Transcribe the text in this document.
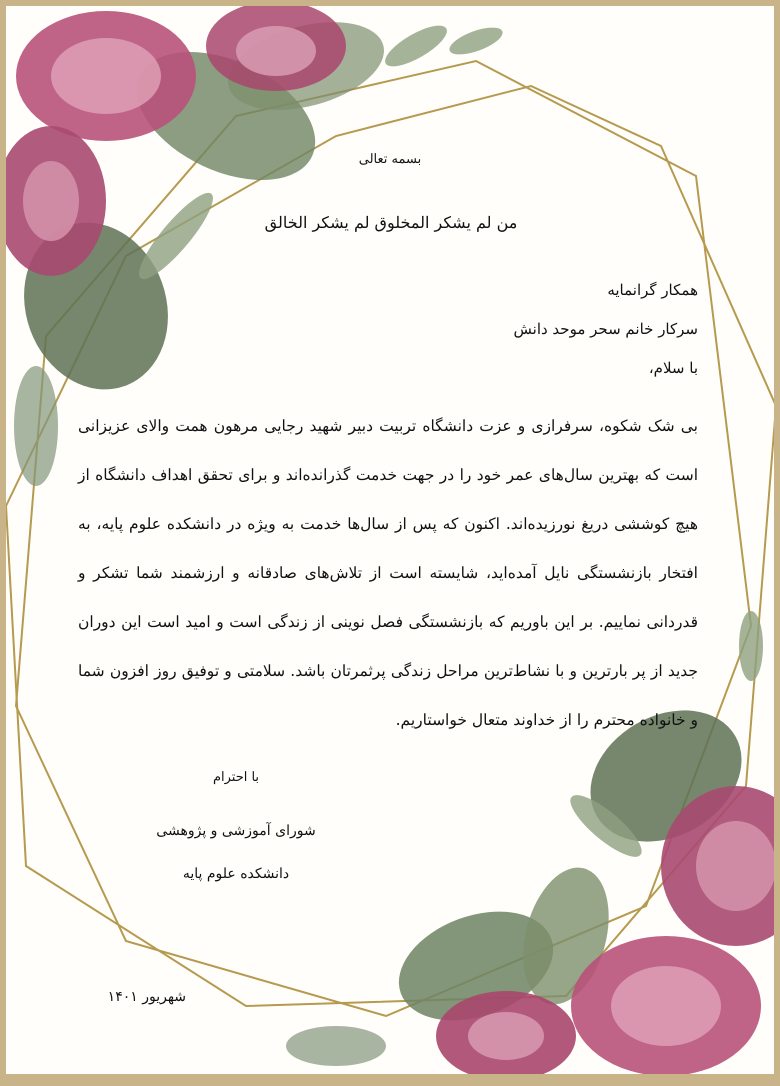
بسمه تعالی
من لم یشکر المخلوق لم یشکر الخالق
همکار گرانمایه
سرکار خانم سحر موحد دانش
با سلام،
بی شک شکوه، سرفرازی و عزت دانشگاه تربیت دبیر شهید رجایی مرهون همت والای عزیزانی است که بهترین سال‌های عمر خود را در جهت خدمت گذرانده‌اند و برای تحقق اهداف دانشگاه از هیچ کوششی دریغ نورزیده‌اند. اکنون که پس از سال‌ها خدمت به ویژه در دانشکده علوم پایه، به افتخار بازنشستگی نایل آمده‌اید، شایسته است از تلاش‌های صادقانه و ارزشمند شما تشکر و قدردانی نماییم. بر این باوریم که بازنشستگی فصل نوینی از زندگی است و امید است این دوران جدید از پر بارترین و با نشاط‌ترین مراحل زندگی پرثمرتان باشد. سلامتی و توفیق روز افزون شما و خانواده محترم را از خداوند متعال خواستاریم.
با احترام
شورای آموزشی و پژوهشی
دانشکده علوم پایه
شهریور ۱۴۰۱
